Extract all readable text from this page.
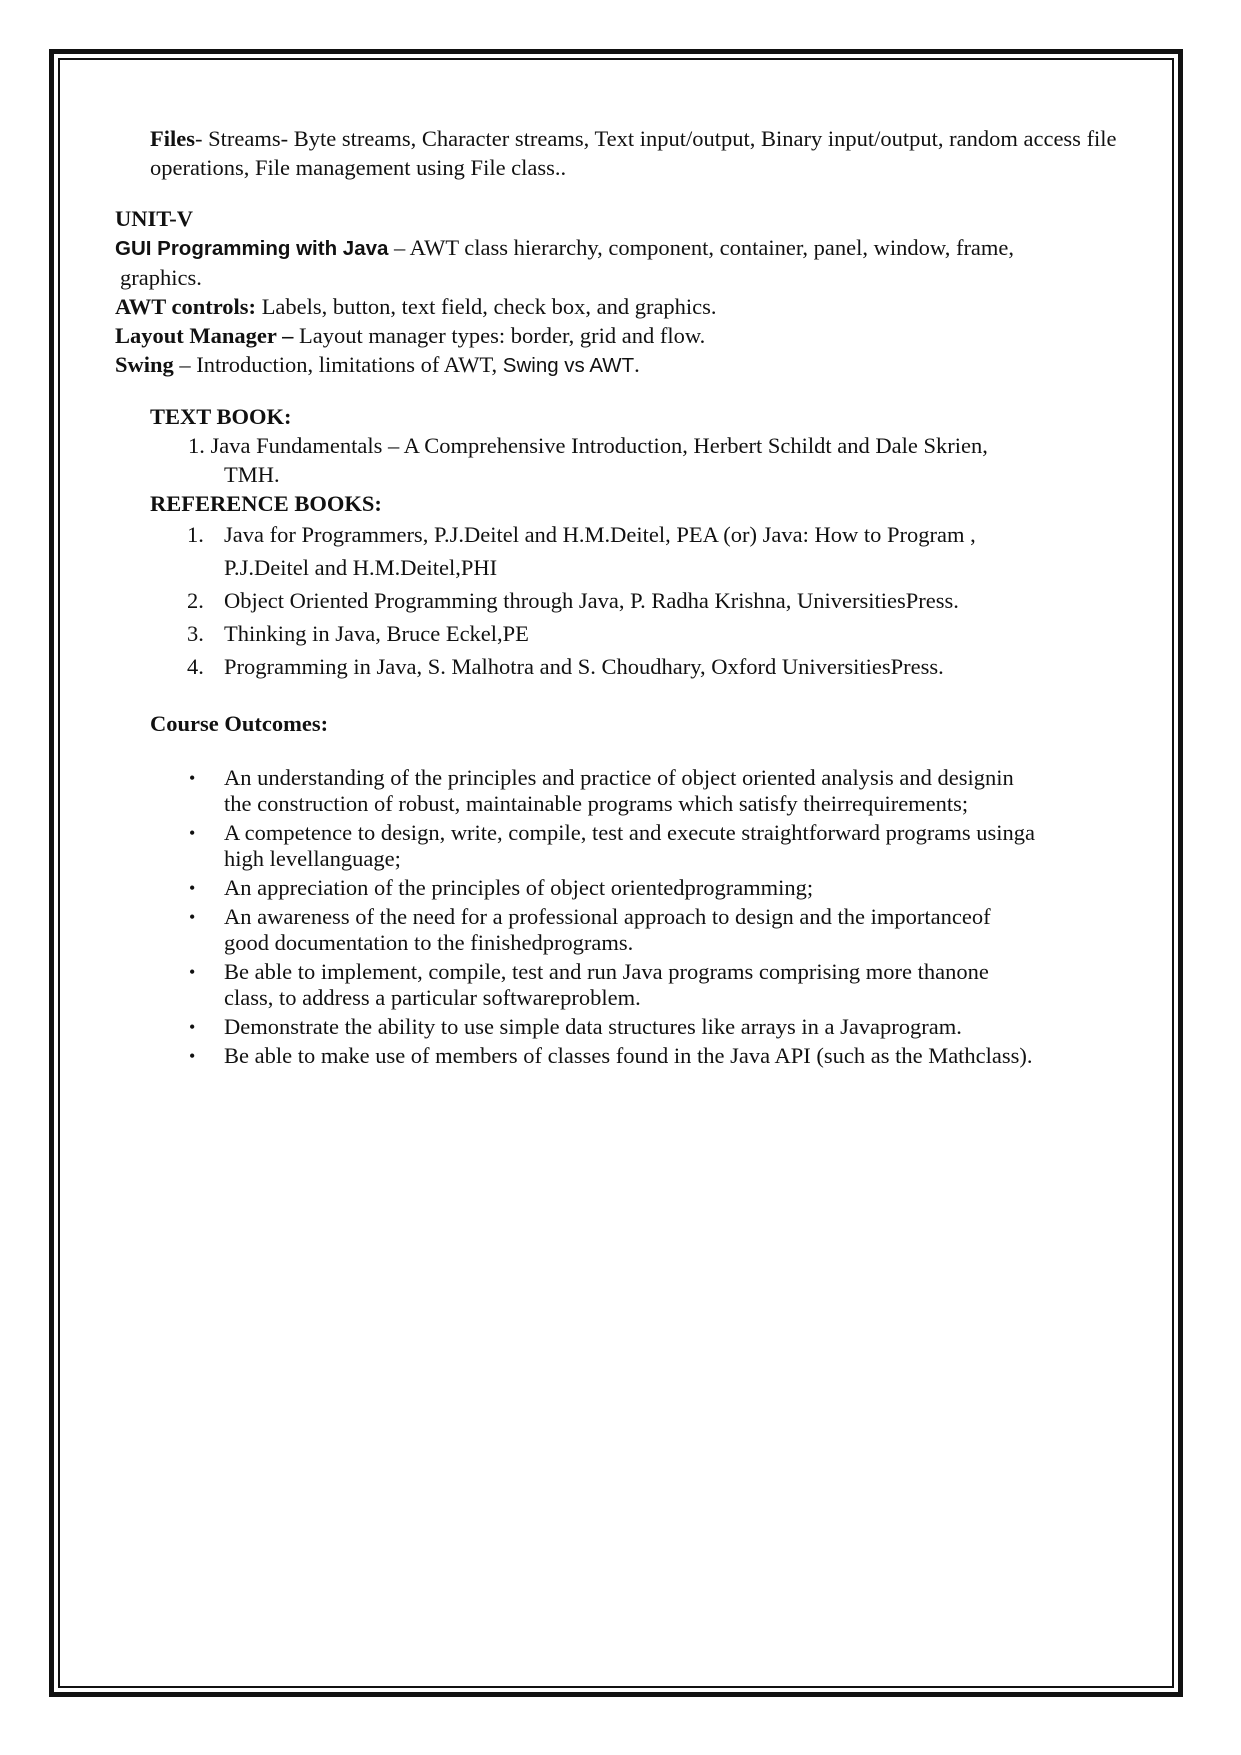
Files- Streams- Byte streams, Character streams, Text input/output, Binary input/output, random access file operations, File management using File class..

UNIT-V

GUI Programming with Java – AWT class hierarchy, component, container, panel, window, frame,
graphics.

AWT controls: Labels, button, text field, check box, and graphics.

Layout Manager – Layout manager types: border, grid and flow.

Swing – Introduction, limitations of AWT, Swing vs AWT.

TEXT BOOK:
1. Java Fundamentals – A Comprehensive Introduction, Herbert Schildt and Dale Skrien,
TMH.
REFERENCE BOOKS:
1. Java for Programmers, P.J.Deitel and H.M.Deitel, PEA (or) Java: How to Program ,
P.J.Deitel and H.M.Deitel,PHI
2. Object Oriented Programming through Java, P. Radha Krishna, UniversitiesPress.
3. Thinking in Java, Bruce Eckel,PE
4. Programming in Java, S. Malhotra and S. Choudhary, Oxford UniversitiesPress.
Course Outcomes:
• An understanding of the principles and practice of object oriented analysis and designin
the construction of robust, maintainable programs which satisfy theirrequirements;
• A competence to design, write, compile, test and execute straightforward programs usinga
high levellanguage;
• An appreciation of the principles of object orientedprogramming;
• An awareness of the need for a professional approach to design and the importanceof
good documentation to the finishedprograms.
• Be able to implement, compile, test and run Java programs comprising more thanone
class, to address a particular softwareproblem.
• Demonstrate the ability to use simple data structures like arrays in a Javaprogram.
• Be able to make use of members of classes found in the Java API (such as the Mathclass).
